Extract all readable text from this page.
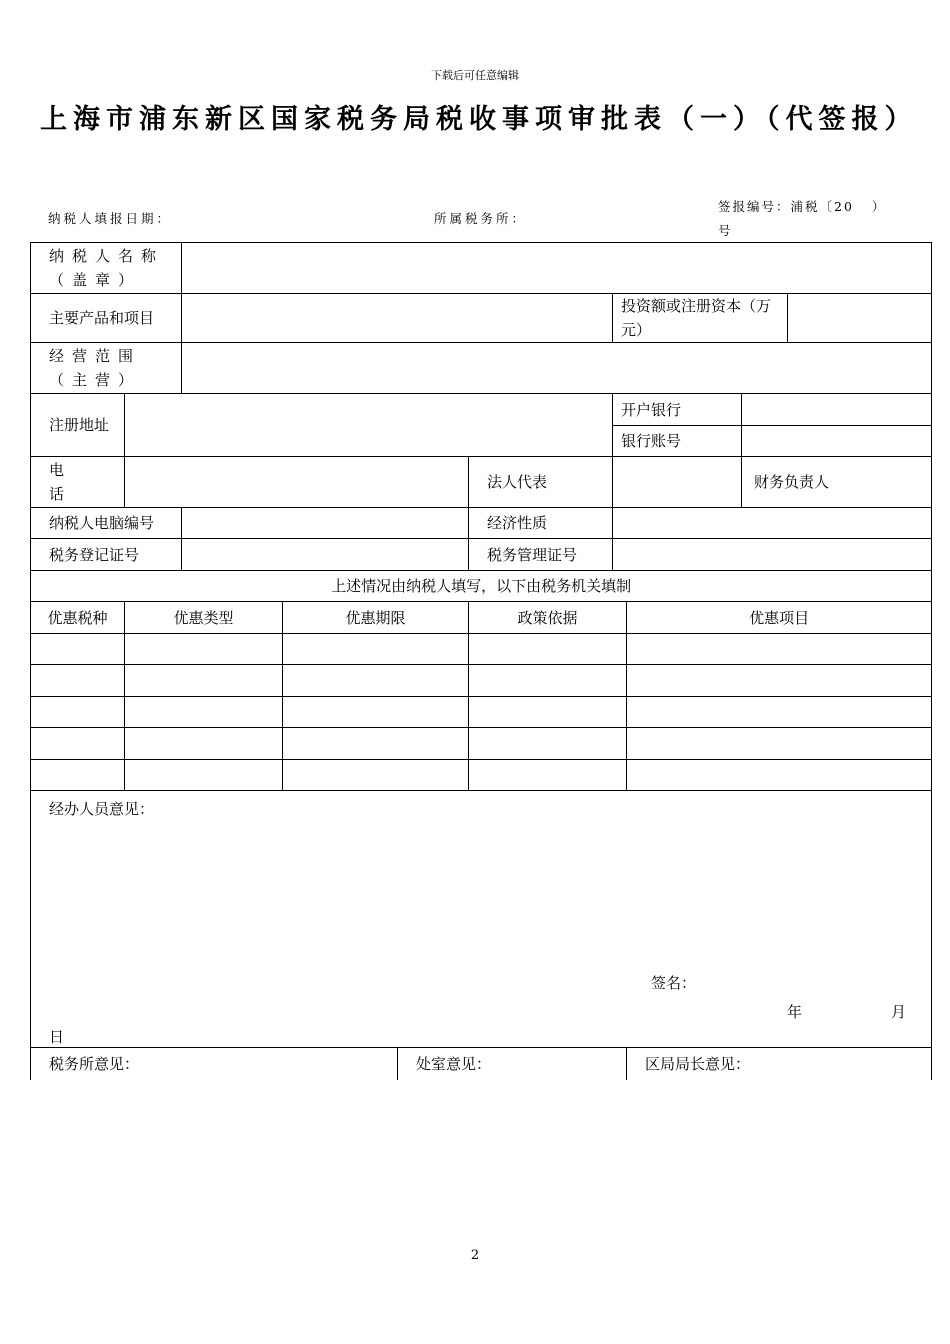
下载后可任意编辑
上海市浦东新区国家税务局税收事项审批表（一）（代签报）
纳税人填报日期：	所属税务所：
签报编号：浦税〔20 ）
号
纳税人名称（盖章）									
主要产品和项目						投资额或注册资本（万元）			
经营范围（主营）									
注册地址						开户银行			
						银行账号			
电
话					法人代表			财务负责人	
纳税人电脑编号					经济性质				
税务登记证号					税务管理证号				
上述情况由纳税人填写，以下由税务机关填制									
优惠税种	优惠类型		优惠期限		政策依据		优惠项目		

经办人员意见：
签名：
年 月
日									

税务所意见：				处室意见：			区局局长意见：		
2
